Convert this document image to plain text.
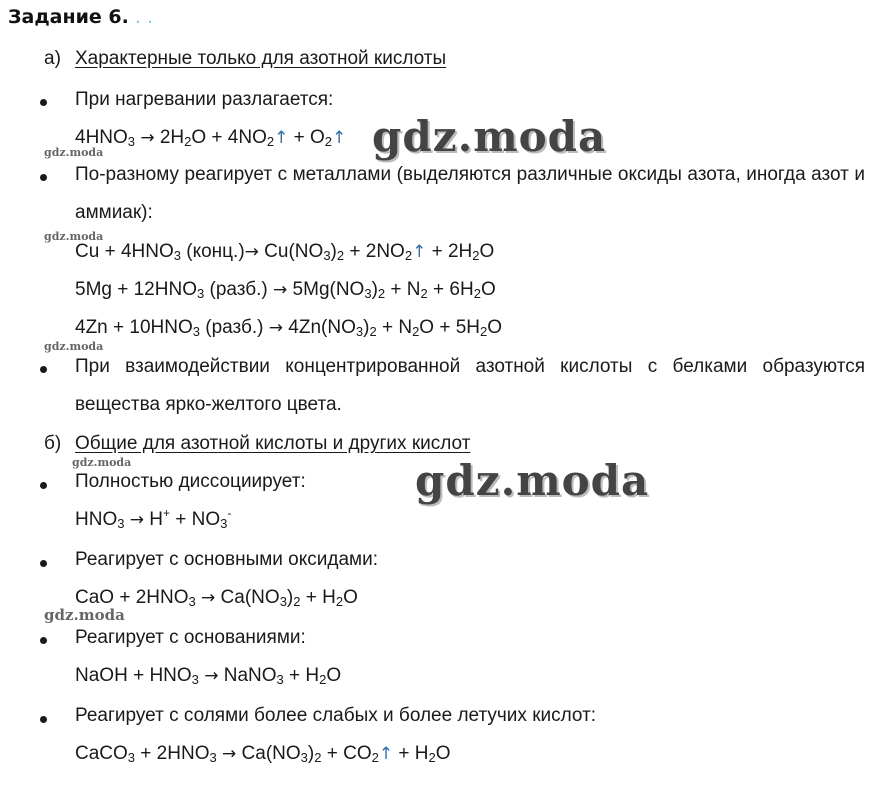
Задание 6. . .
а) Характерные только для азотной кислоты
При нагревании разлагается:
$4HNO_3 \to 2H_2O$ + $4NO_2↑$ + $O_2↑$
По-разному реагирует с металлами (выделяются различные оксиды азота, иногда азот и аммиак):
$Cu + 4HNO_3$ (конц.)→ $Cu(NO_3)_2$ + $2NO_2↑ + 2H_2O$
$5Mg + 12HNO_3$ (разб.) → $5Mg(NO_3)_2 + N_2 + 6H_2O$
$4Zn + 10HNO_3$ (разб.) → $4Zn(NO_3)_2 + N_2O + 5H_2O$
При взаимодействии концентрированной азотной кислоты с белками образуются вещества ярко-желтого цвета.
б) Общие для азотной кислоты и других кислот
Полностью диссоциирует:
$HNO_3 \to H^+ + NO_3^-$
Реагирует с основными оксидами:
CaO + $2HNO_3 \to Ca(NO_3)_2 + H_2O$
Реагирует с основаниями:
NaOH + $HNO_3$ → NaNO$_3$ + $H_2O$
Реагирует с солями более слабых и более летучих кислот:
CaCO$_3$ + $2HNO_3 \to Ca(NO_3)_2$ + $CO_2↑ + H_2O$
gdz.moda
gdz.moda
gdz.moda
gdz.moda
gdz.moda
gdz.moda
gdz.moda
